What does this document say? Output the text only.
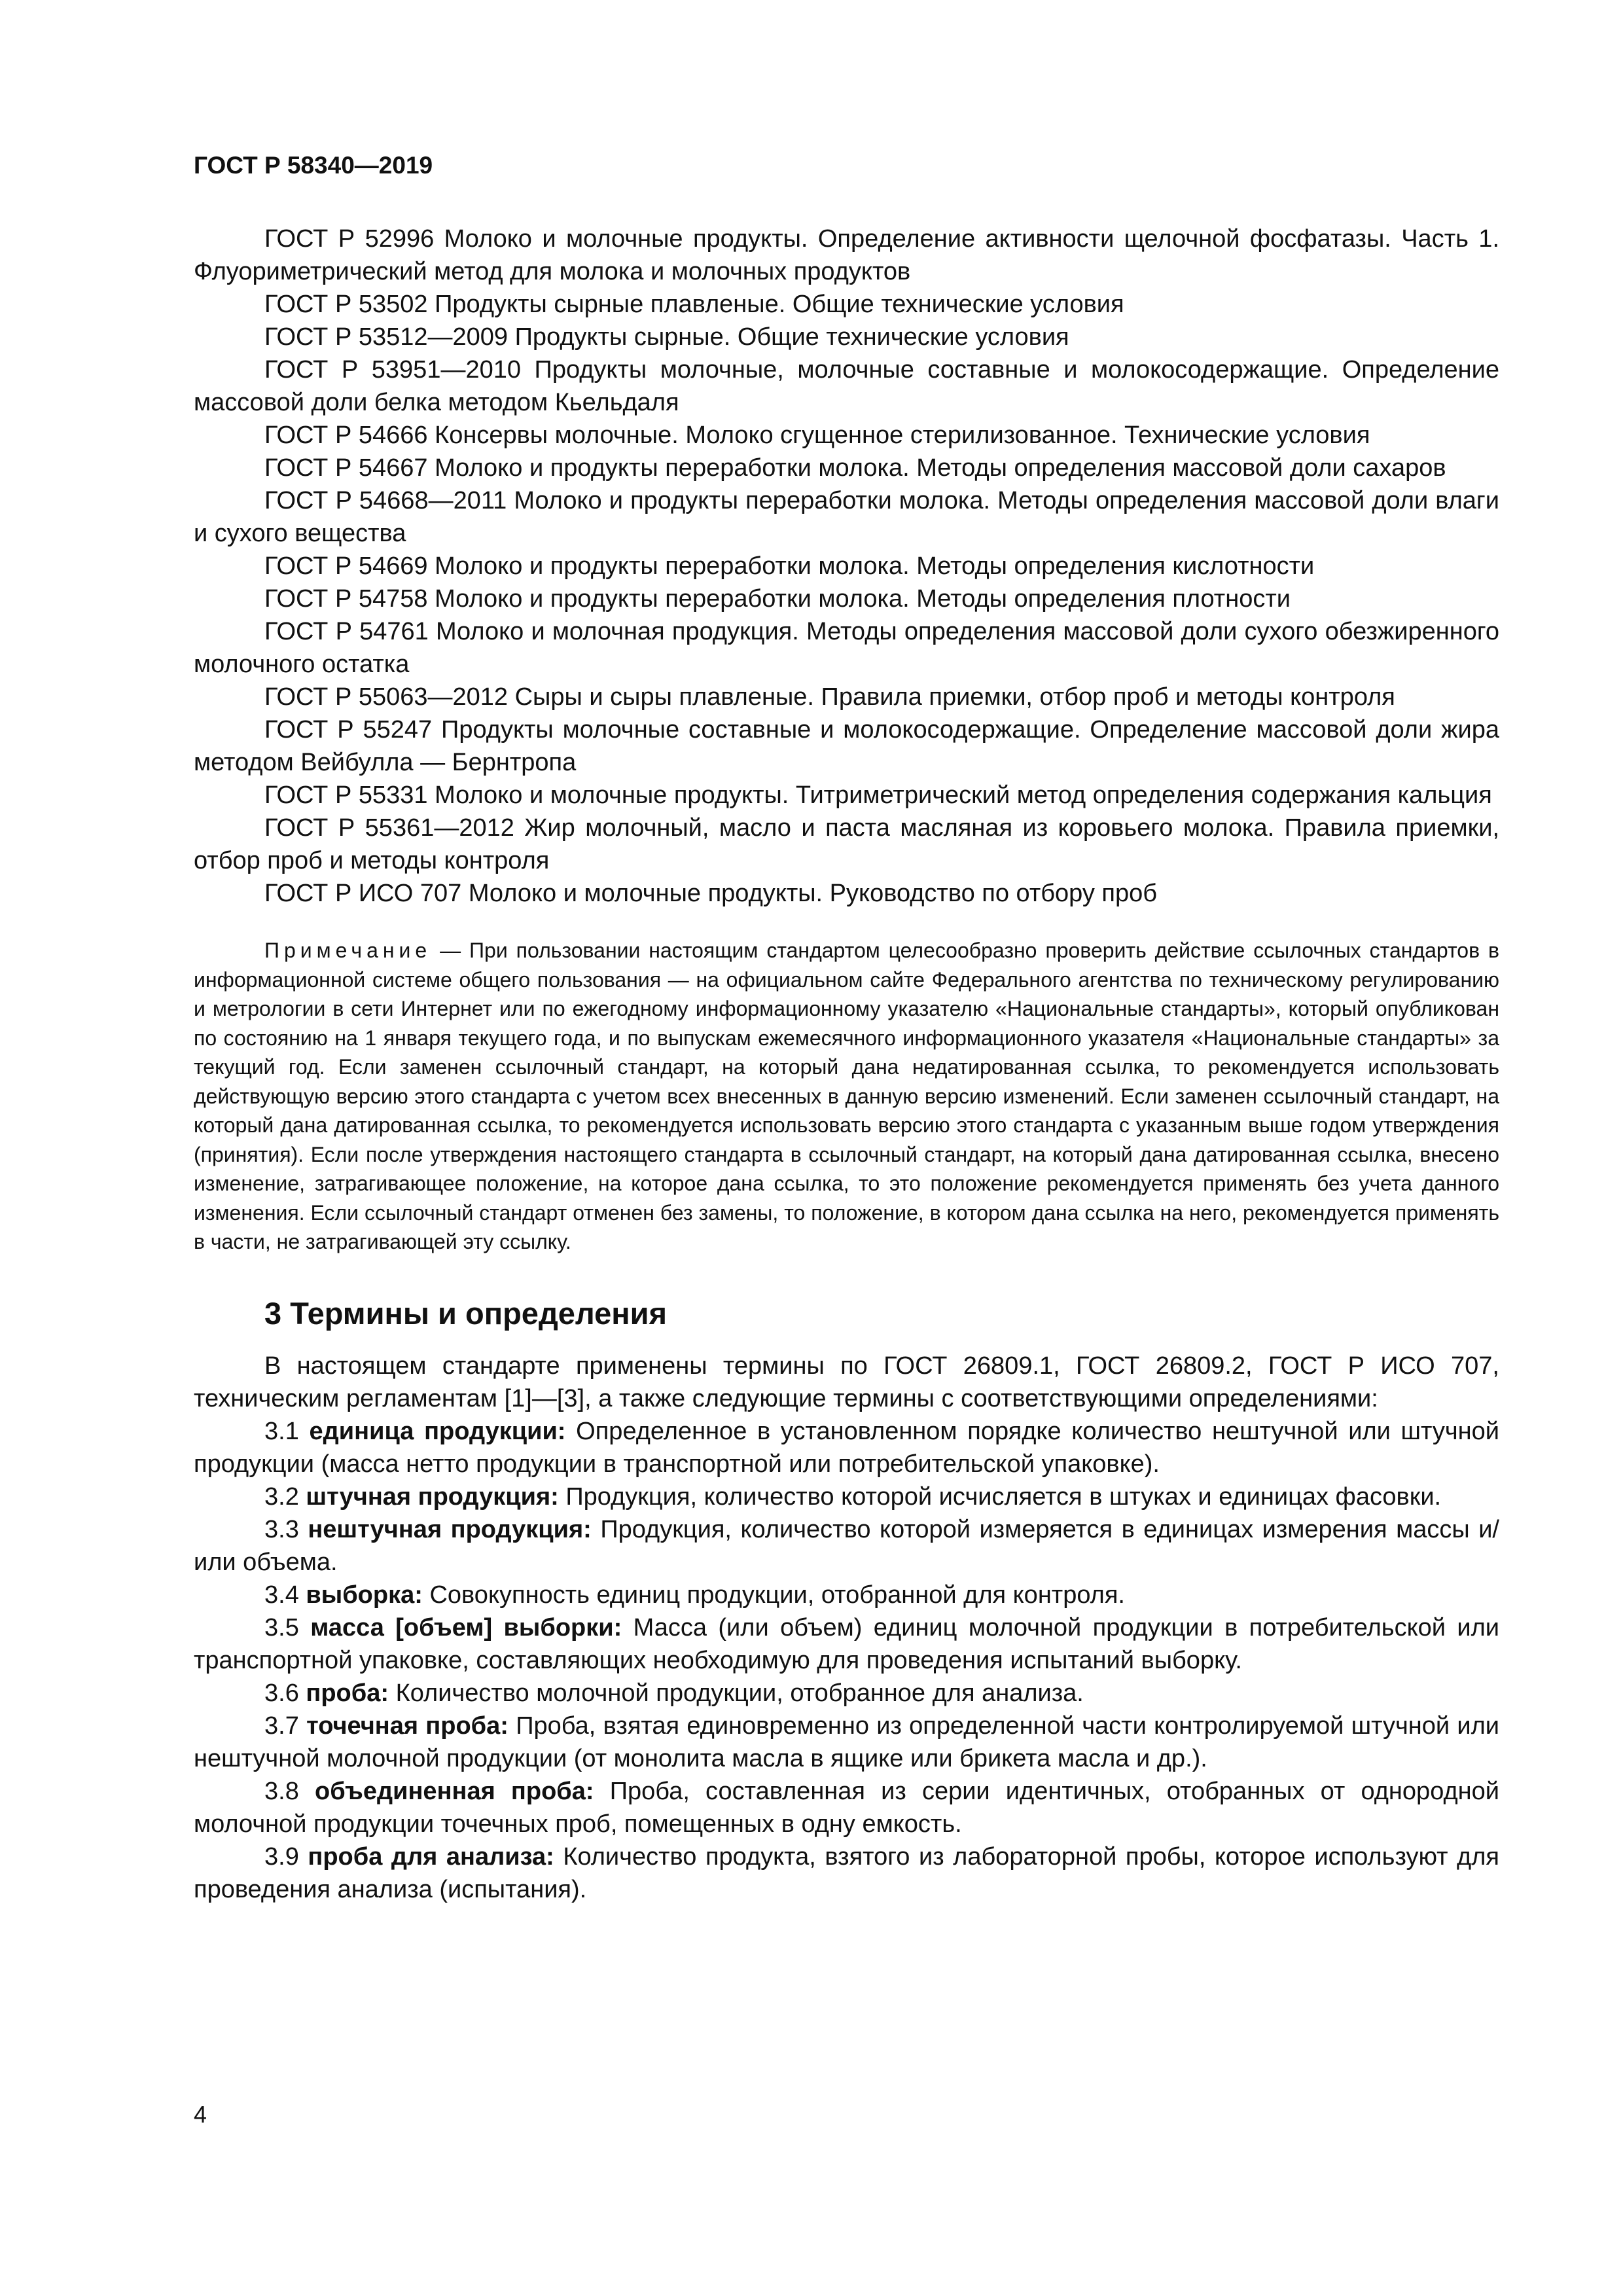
ГОСТ Р 58340—2019

ГОСТ Р 52996 Молоко и молочные продукты. Определение активности щелочной фосфатазы. Часть 1. Флуориметрический метод для молока и молочных продуктов

ГОСТ Р 53502 Продукты сырные плавленые. Общие технические условия

ГОСТ Р 53512—2009 Продукты сырные. Общие технические условия

ГОСТ Р 53951—2010 Продукты молочные, молочные составные и молокосодержащие. Определение массовой доли белка методом Кьельдаля

ГОСТ Р 54666 Консервы молочные. Молоко сгущенное стерилизованное. Технические условия

ГОСТ Р 54667 Молоко и продукты переработки молока. Методы определения массовой доли сахаров

ГОСТ Р 54668—2011 Молоко и продукты переработки молока. Методы определения массовой доли влаги и сухого вещества

ГОСТ Р 54669 Молоко и продукты переработки молока. Методы определения кислотности

ГОСТ Р 54758 Молоко и продукты переработки молока. Методы определения плотности

ГОСТ Р 54761 Молоко и молочная продукция. Методы определения массовой доли сухого обезжиренного молочного остатка

ГОСТ Р 55063—2012 Сыры и сыры плавленые. Правила приемки, отбор проб и методы контроля

ГОСТ Р 55247 Продукты молочные составные и молокосодержащие. Определение массовой доли жира методом Вейбулла — Бернтропа

ГОСТ Р 55331 Молоко и молочные продукты. Титриметрический метод определения содержания кальция

ГОСТ Р 55361—2012 Жир молочный, масло и паста масляная из коровьего молока. Правила приемки, отбор проб и методы контроля

ГОСТ Р ИСО 707 Молоко и молочные продукты. Руководство по отбору проб

Примечание — При пользовании настоящим стандартом целесообразно проверить действие ссылочных стандартов в информационной системе общего пользования — на официальном сайте Федерального агентства по техническому регулированию и метрологии в сети Интернет или по ежегодному информационному указателю «Национальные стандарты», который опубликован по состоянию на 1 января текущего года, и по выпускам ежемесячного информационного указателя «Национальные стандарты» за текущий год. Если заменен ссылочный стандарт, на который дана недатированная ссылка, то рекомендуется использовать действующую версию этого стандарта с учетом всех внесенных в данную версию изменений. Если заменен ссылочный стандарт, на который дана датированная ссылка, то рекомендуется использовать версию этого стандарта с указанным выше годом утверждения (принятия). Если после утверждения настоящего стандарта в ссылочный стандарт, на который дана датированная ссылка, внесено изменение, затрагивающее положение, на которое дана ссылка, то это положение рекомендуется применять без учета данного изменения. Если ссылочный стандарт отменен без замены, то положение, в котором дана ссылка на него, рекомендуется применять в части, не затрагивающей эту ссылку.

3 Термины и определения

В настоящем стандарте применены термины по ГОСТ 26809.1, ГОСТ 26809.2, ГОСТ Р ИСО 707, техническим регламентам [1]—[3], а также следующие термины с соответствующими определениями:

3.1 единица продукции: Определенное в установленном порядке количество нештучной или штучной продукции (масса нетто продукции в транспортной или потребительской упаковке).

3.2 штучная продукция: Продукция, количество которой исчисляется в штуках и единицах фасовки.

3.3 нештучная продукция: Продукция, количество которой измеряется в единицах измерения массы и/или объема.

3.4 выборка: Совокупность единиц продукции, отобранной для контроля.

3.5 масса [объем] выборки: Масса (или объем) единиц молочной продукции в потребительской или транспортной упаковке, составляющих необходимую для проведения испытаний выборку.

3.6 проба: Количество молочной продукции, отобранное для анализа.

3.7 точечная проба: Проба, взятая единовременно из определенной части контролируемой штучной или нештучной молочной продукции (от монолита масла в ящике или брикета масла и др.).

3.8 объединенная проба: Проба, составленная из серии идентичных, отобранных от однородной молочной продукции точечных проб, помещенных в одну емкость.

3.9 проба для анализа: Количество продукта, взятого из лабораторной пробы, которое используют для проведения анализа (испытания).

4
